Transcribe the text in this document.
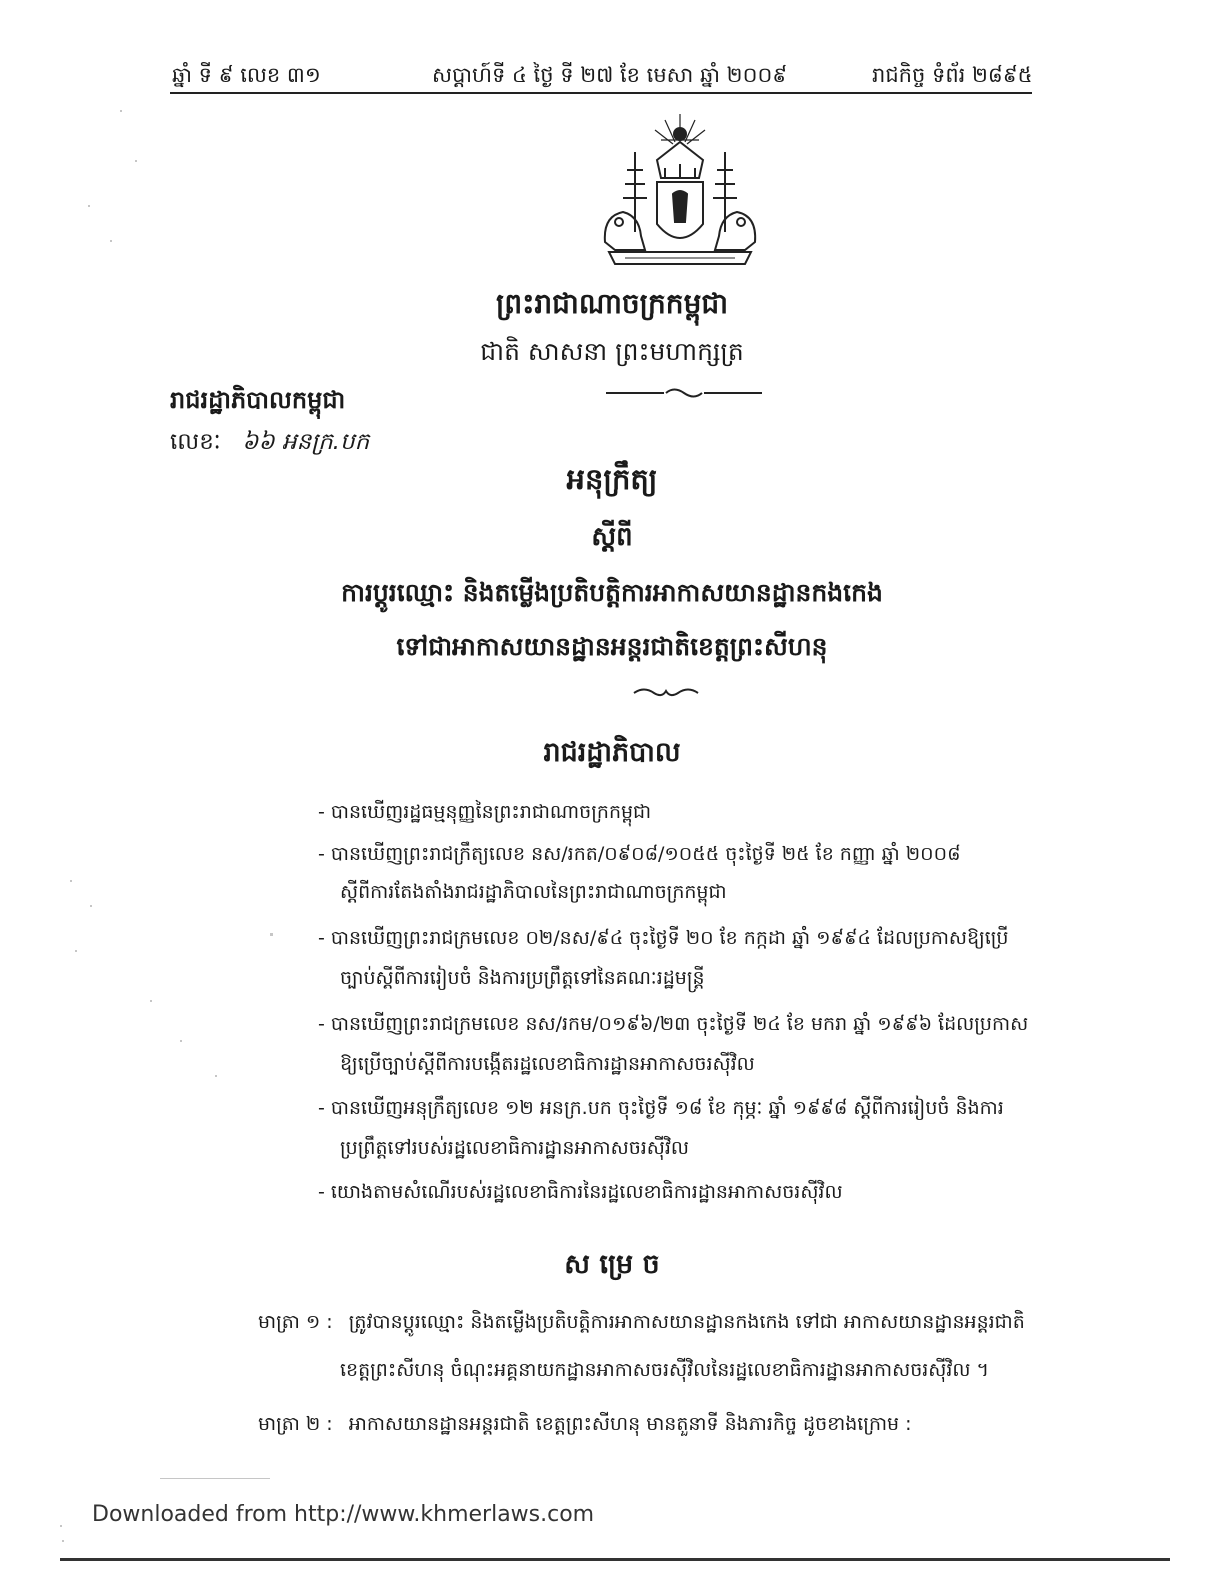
ឆ្នាំ ទី ៩ លេខ ៣១	សប្តាហ៍ទី ៤ ថ្ងៃ ទី ២៧ ខែ មេសា ឆ្នាំ ២០០៩	រាជកិច្ច ទំព័រ ២៨៩៥
ព្រះរាជាណាចក្រកម្ពុជា
ជាតិ សាសនា ព្រះមហាក្សត្រ
រាជរដ្ឋាភិបាលកម្ពុជា
លេខៈ ៦៦ អនក្រ.បក
អនុក្រឹត្យ
ស្តីពី
ការប្តូរឈ្មោះ និងតម្លើងប្រតិបត្តិការអាកាសយានដ្ឋានកងកេង
ទៅជាអាកាសយានដ្ឋានអន្តរជាតិខេត្តព្រះសីហនុ
រាជរដ្ឋាភិបាល
- បានឃើញរដ្ឋធម្មនុញ្ញនៃព្រះរាជាណាចក្រកម្ពុជា
- បានឃើញព្រះរាជក្រឹត្យលេខ នស/រកត/០៩០៨/១០៥៥ ចុះថ្ងៃទី ២៥ ខែ កញ្ញា ឆ្នាំ ២០០៨
ស្តីពីការតែងតាំងរាជរដ្ឋាភិបាលនៃព្រះរាជាណាចក្រកម្ពុជា
- បានឃើញព្រះរាជក្រមលេខ ០២/នស/៩៤ ចុះថ្ងៃទី ២០ ខែ កក្កដា ឆ្នាំ ១៩៩៤ ដែលប្រកាសឱ្យប្រើ
ច្បាប់ស្តីពីការរៀបចំ និងការប្រព្រឹត្តទៅនៃគណៈរដ្ឋមន្ត្រី
- បានឃើញព្រះរាជក្រមលេខ នស/រកម/០១៩៦/២៣ ចុះថ្ងៃទី ២៤ ខែ មករា ឆ្នាំ ១៩៩៦ ដែលប្រកាស
ឱ្យប្រើច្បាប់ស្តីពីការបង្កើតរដ្ឋលេខាធិការដ្ឋានអាកាសចរស៊ីវិល
- បានឃើញអនុក្រឹត្យលេខ ១២ អនក្រ.បក ចុះថ្ងៃទី ១៨ ខែ កុម្ភៈ ឆ្នាំ ១៩៩៨ ស្តីពីការរៀបចំ និងការ
ប្រព្រឹត្តទៅរបស់រដ្ឋលេខាធិការដ្ឋានអាកាសចរស៊ីវិល
- យោងតាមសំណើរបស់រដ្ឋលេខាធិការនៃរដ្ឋលេខាធិការដ្ឋានអាកាសចរស៊ីវិល
ស ម្រេ ច
មាត្រា ១ : ត្រូវបានប្តូរឈ្មោះ និងតម្លើងប្រតិបត្តិការអាកាសយានដ្ឋានកងកេង ទៅជា អាកាសយានដ្ឋានអន្តរជាតិ
ខេត្តព្រះសីហនុ ចំណុះអគ្គនាយកដ្ឋានអាកាសចរស៊ីវិលនៃរដ្ឋលេខាធិការដ្ឋានអាកាសចរស៊ីវិល ។
មាត្រា ២ : អាកាសយានដ្ឋានអន្តរជាតិ ខេត្តព្រះសីហនុ មានតួនាទី និងភារកិច្ច ដូចខាងក្រោម :
Downloaded from http://www.khmerlaws.com
